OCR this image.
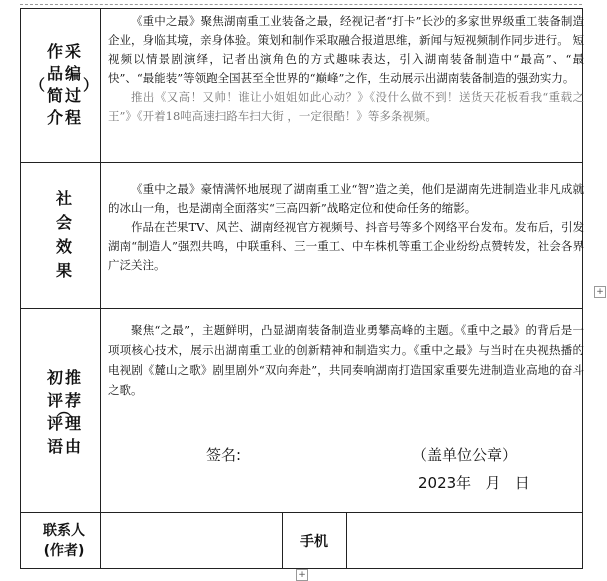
（
作
品
简
介
采
编
过
程
）

《重中之最》聚焦湖南重工业装备之最，经视记者“打卡”长沙的多家世界级重工装备制造企业，身临其境，亲身体验。策划和制作采取融合报道思维，新闻与短视频制作同步进行。 短视频以情景剧演绎，记者出演角色的方式趣味表达，引入湖南装备制造中“最高”、“最快”、“最能装”等领跑全国甚至全世界的“巅峰”之作，生动展示出湖南装备制造的强劲实力。

推出《又高！又帅！谁让小姐姐如此心动？》《没什么做不到！送货天花板看我“重载之王”》《开着18吨高速扫路车扫大街 ，一定很酷！》等多条视频。

社
会
效
果

《重中之最》豪情满怀地展现了湖南重工业“智”造之美，他们是湖南先进制造业非凡成就的冰山一角，也是湖南全面落实“三高四新”战略定位和使命任务的缩影。

作品在芒果TV、风芒、湖南经视官方视频号、抖音号等多个网络平台发布。发布后，引发湖南“制造人”强烈共鸣，中联重科、三一重工、中车株机等重工企业纷纷点赞转发，社会各界广泛关注。

︵
初 推
评 荐
评 理
语 由

聚焦“之最”，主题鲜明，凸显湖南装备制造业勇攀高峰的主题。《重中之最》的背后是一项项核心技术，展示出湖南重工业的创新精神和制造实力。《重中之最》与当时在央视热播的电视剧《麓山之歌》剧里剧外“双向奔赴”，共同奏响湖南打造国家重要先进制造业高地的奋斗之歌。

签名:	（盖单位公章）
2023年   月   日
联系人
(作者)
手机
+
+
